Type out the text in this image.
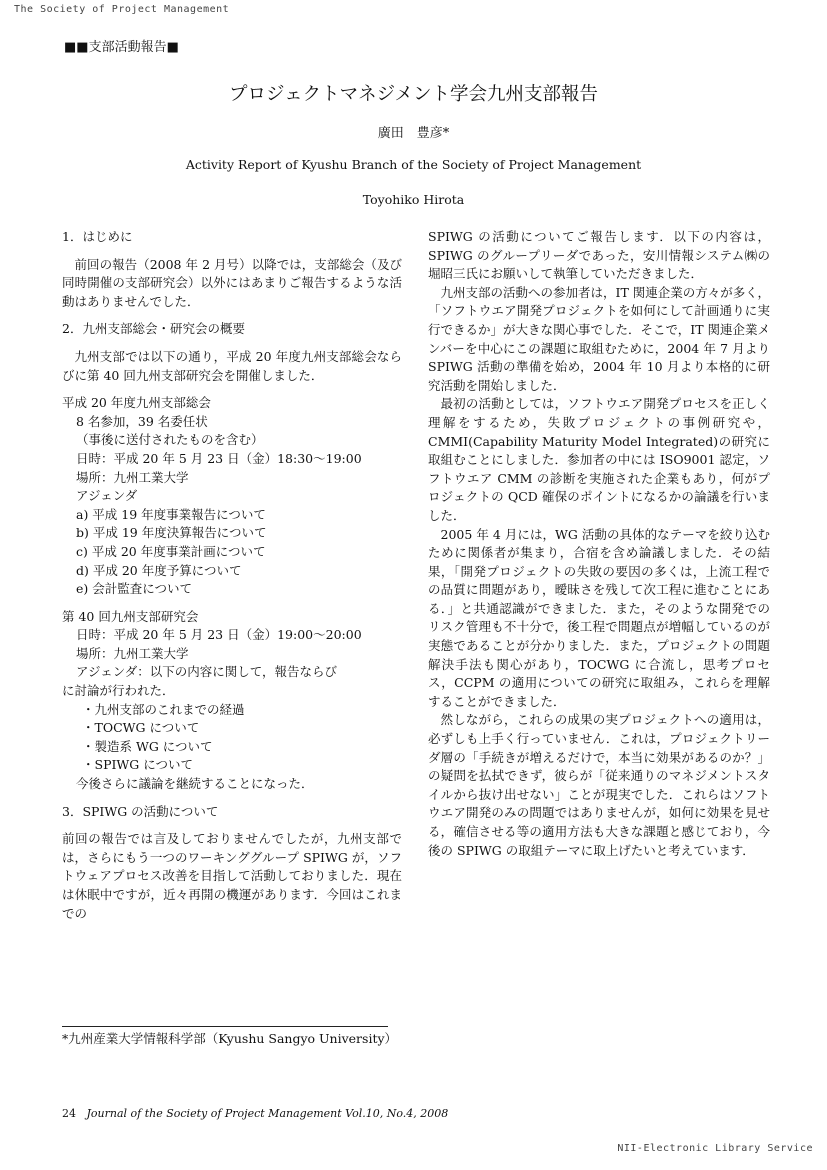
The Society of Project Management
■■支部活動報告■
プロジェクトマネジメント学会九州支部報告
廣田　豊彦*
Activity Report of Kyushu Branch of the Society of Project Management
Toyohiko Hirota
1．はじめに

前回の報告（2008 年 2 月号）以降では，支部総会（及び同時開催の支部研究会）以外にはあまりご報告するような活動はありませんでした．

2．九州支部総会・研究会の概要

九州支部では以下の通り，平成 20 年度九州支部総会ならびに第 40 回九州支部研究会を開催しました．

平成 20 年度九州支部総会
8 名参加，39 名委任状
（事後に送付されたものを含む）
日時：平成 20 年 5 月 23 日（金）18:30〜19:00
場所：九州工業大学
アジェンダ
a) 平成 19 年度事業報告について
b) 平成 19 年度決算報告について
c) 平成 20 年度事業計画について
d) 平成 20 年度予算について
e) 会計監査について
第 40 回九州支部研究会
日時：平成 20 年 5 月 23 日（金）19:00〜20:00
場所：九州工業大学
アジェンダ：以下の内容に関して，報告ならび
に討論が行われた．
・九州支部のこれまでの経過
・TOCWG について
・製造系 WG について
・SPIWG について
今後さらに議論を継続することになった．
3．SPIWG の活動について

前回の報告では言及しておりませんでしたが，九州支部では，さらにもう一つのワーキンググループ SPIWG が，ソフトウェアプロセス改善を目指して活動しておりました．現在は休眠中ですが，近々再開の機運があります．今回はこれまでの

SPIWG の活動についてご報告します．以下の内容は，SPIWG のグループリーダであった，安川情報システム㈱の堀昭三氏にお願いして執筆していただきました．

九州支部の活動への参加者は，IT 関連企業の方々が多く，「ソフトウエア開発プロジェクトを如何にして計画通りに実行できるか」が大きな関心事でした．そこで，IT 関連企業メンバーを中心にこの課題に取組むために，2004 年 7 月より SPIWG 活動の準備を始め，2004 年 10 月より本格的に研究活動を開始しました．

最初の活動としては，ソフトウエア開発プロセスを正しく理解をするため，失敗プロジェクトの事例研究や，CMMI(Capability Maturity Model Integrated)の研究に取組むことにしました．参加者の中には ISO9001 認定，ソフトウエア CMM の診断を実施された企業もあり，何がプロジェクトの QCD 確保のポイントになるかの論議を行いました．

2005 年 4 月には，WG 活動の具体的なテーマを絞り込むために関係者が集まり，合宿を含め論議しました．その結果，「開発プロジェクトの失敗の要因の多くは，上流工程での品質に問題があり，曖昧さを残して次工程に進むことにある．」と共通認識ができました．また，そのような開発でのリスク管理も不十分で，後工程で問題点が増幅しているのが実態であることが分かりました．また，プロジェクトの問題解決手法も関心があり，TOCWG に合流し，思考プロセス，CCPM の適用についての研究に取組み，これらを理解することができました．

然しながら，これらの成果の実プロジェクトへの適用は，必ずしも上手く行っていません．これは，プロジェクトリーダ層の「手続きが増えるだけで，本当に効果があるのか？」の疑問を払拭できず，彼らが「従来通りのマネジメントスタイルから抜け出せない」ことが現実でした．これらはソフトウエア開発のみの問題ではありませんが，如何に効果を見せる，確信させる等の適用方法も大きな課題と感じており，今後の SPIWG の取組テーマに取上げたいと考えています．

*九州産業大学情報科学部（Kyushu Sangyo University）
24 Journal of the Society of Project Management Vol.10, No.4, 2008
NII-Electronic Library Service
